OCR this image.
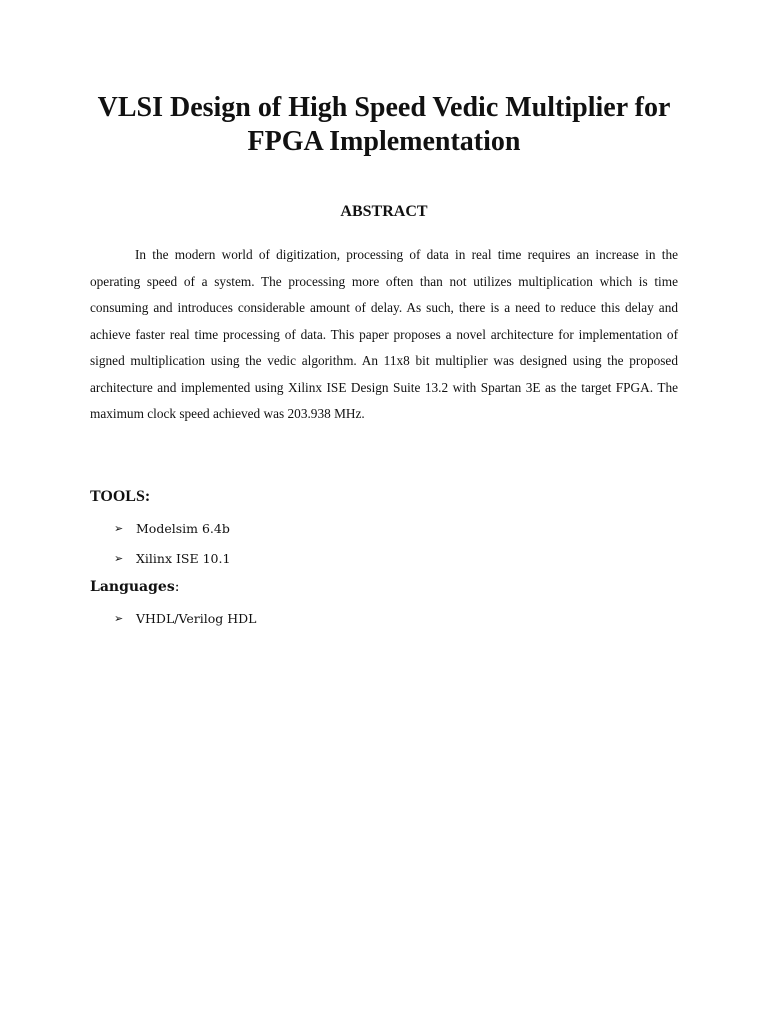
VLSI Design of High Speed Vedic Multiplier for
FPGA Implementation
ABSTRACT

In the modern world of digitization, processing of data in real time requires an increase in the operating speed of a system. The processing more often than not utilizes multiplication which is time consuming and introduces considerable amount of delay. As such, there is a need to reduce this delay and achieve faster real time processing of data. This paper proposes a novel architecture for implementation of signed multiplication using the vedic algorithm. An 11x8 bit multiplier was designed using the proposed architecture and implemented using Xilinx ISE Design Suite 13.2 with Spartan 3E as the target FPGA. The maximum clock speed achieved was 203.938 MHz.

TOOLS:
➢	Modelsim 6.4b
➢	Xilinx ISE 10.1
Languages:
➢	VHDL/Verilog HDL
